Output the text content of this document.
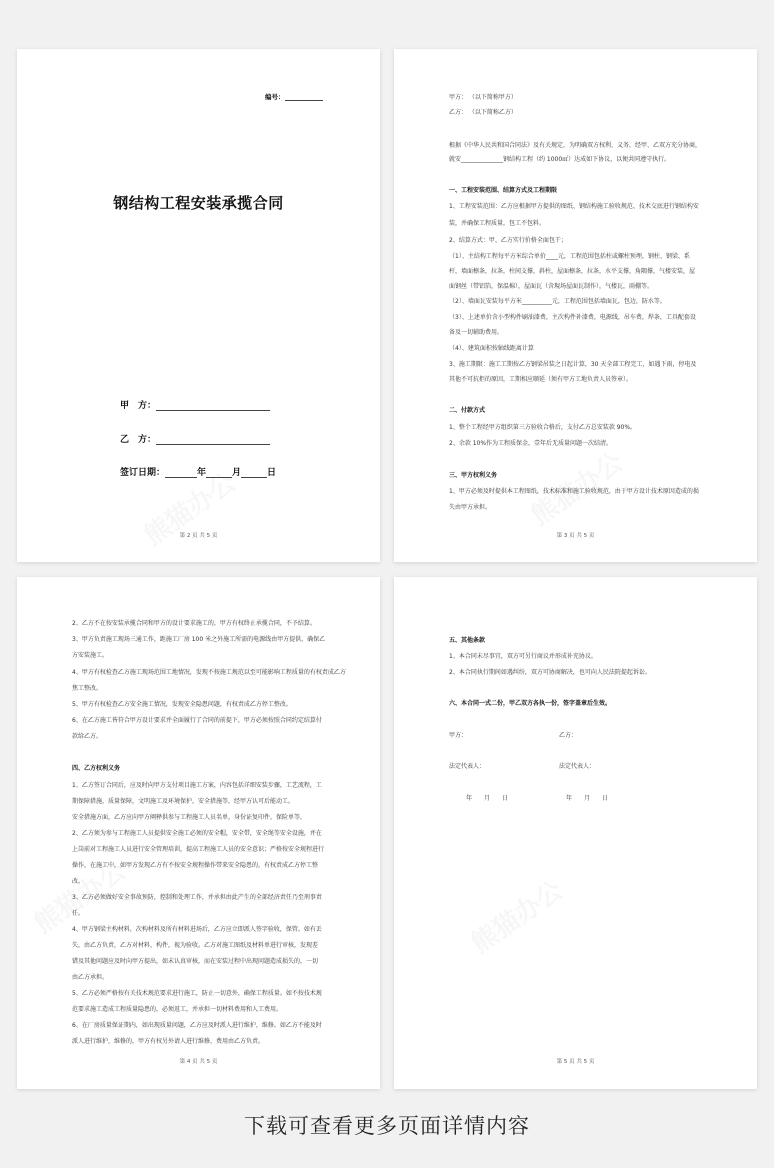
编号：
钢结构工程安装承揽合同
甲　方：
乙　方：
签订日期：	年	月	日
第 2 页 共 5 页
甲方： （以下简称甲方）
乙方： （以下简称乙方）
根据《中华人民共和国合同法》及有关规定，为明确双方权利、义务，经甲、乙双方充分协商，
就安______________钢结构工程（约 1000㎡）达成如下协议，以便共同遵守执行。
一、工程安装范围、结算方式及工程期限
1、工程安装范围：乙方应根据甲方提供的图纸、钢结构施工验收规范、技术交底进行钢结构安
装，并确保工程质量，包工不包料。
2、结算方式：甲、乙方实行价格全面包干；
（1）、主结构工程每平方米综合单价____元，工程范围包括柱或螺柱预埋，钢柱、钢梁、系
杆，墙面檩条，拉条，柱间支撑，斜柱，屋面檩条，拉条，水平支撑，角隅撑，气楼安装，屋
面钢丝（带铝箔，保温棉），屋面瓦（含現场屋面瓦制作），气楼瓦，雨棚等。
（2）、墙面瓦安装每平方米__________元，工程范围包括墙面瓦，包边，防水等。
（3）、上述单价含小型构件刷油漆费，主次构件补漆费，电源线，吊车费，焊条，工具配套设
备及一切辅助费用。
（4）、建筑面积按轴线距离计算
3、施工期限：施工工期按乙方钢梁吊装之日起计算，30 天全部工程完工，如遇下雨，停电及
其他不可抗拒的原因，工期相应顺延（须有甲方工地负责人员签章）。
二、付款方式
1、整个工程经甲方组织第三方验收合格后，支付乙方总安装款 90%。
2、余款 10%作为工程质保金，壹年后无质量问题一次结清。
三、甲方权利义务
1、甲方必须及时提供本工程图纸，技术标准和施工验收规范，由于甲方设计技术原因造成的损
失由甲方承担。
第 3 页 共 5 页
2、乙方不在按安装承揽合同和甲方的设计要求施工的，甲方有权终止承揽合同，不予结算。
3、甲方负责施工现场三通工作，距施工厂房 100 米之外施工所需的电源线由甲方提供，确保乙
方安装施工。
4、甲方有权检查乙方施工现场范围工地情况，发现不按施工规范以至可能影响工程质量的有权责成乙方
焦工整改。
5、甲方有权检查乙方安全施工情况，发现安全隐患问题，有权责成乙方停工整改。
6、在乙方施工皆符合甲方设计要求并全面履行了合同的前提下，甲方必须按照合同约定结算付
款给乙方。
四、乙方权利义务
1、乙方签订合同后，应及时向甲方支付项目施工方案，内容包括详细安装步骤，工艺流程，工
期保障措施，质量保障，文明施工及环境保护，安全措施等，经甲方认可后能动工。
安全措施方面，乙方应向甲方阐释供参与工程施工人员名单，身份证复印件，保险单等。
2、乙方须为参与工程施工人员提供安全施工必须的安全帽，安全带，安全绳等安全设施，并在
上岗前对工程施工人员进行安全管理培训，提高工程施工人员的安全意识；严格按安全规程进行
操作，在施工中，如甲方发现乙方有不按安全规程操作带来安全隐患的，有权责成乙方停工整
改。
3、乙方必须做好安全事故预防，控制和处理工作，并承担由此产生的全部经济责任乃至刑事责
任。
4、甲方钢梁主构材料，次构材料及所有材料进场后，乙方应立即派人签字验收，保管。如有丢
失，由乙方负责，乙方对材料、构件，视为验收。乙方对施工图纸及材料单进行审核，发现差
错及其他问题应及时向甲方提出，如未认真审核，而在安装过程中出现问题造成损失的，一切
由乙方承担。
5、乙方必须严格按有关技术规范要求进行施工，防止一切意外，确保工程质量。如不按技术规
范要求施工造成工程质量隐患的，必须返工，并承担一切材料费用和人工费用。
6、在厂房质量保证期内，如出现质量问题，乙方应及时派人进行维护，维修。如乙方不能及时
派人进行维护，维修的，甲方有权另外请人进行维修，费用由乙方负责。
第 4 页 共 5 页
五、其他条款
1、本合同未尽事宜，双方可另行商议并形成补充协议。
2、本合同执行期间如遇纠纷，双方可协商解决，也可向人民法院提起诉讼。
六、本合同一式二份，甲乙双方各执一份，签字盖章后生效。
甲方：	乙方：
法定代表人：	法定代表人：
年　　月　　日	年　　月　　日
第 5 页 共 5 页
下载可查看更多页面详情内容
